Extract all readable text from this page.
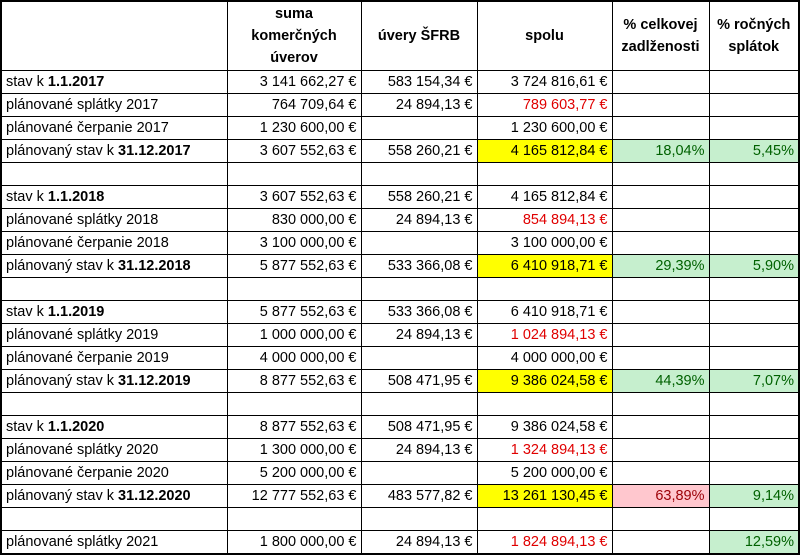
	suma komerčných úverov	úvery ŠFRB	spolu	% celkovej zadlženosti	% ročných splátok
stav k 1.1.2017	3 141 662,27 €	583 154,34 €	3 724 816,61 €		
plánované splátky 2017	764 709,64 €	24 894,13 €	789 603,77 €		
plánované čerpanie 2017	1 230 600,00 €		1 230 600,00 €		
plánovaný stav k 31.12.2017	3 607 552,63 €	558 260,21 €	4 165 812,84 €	18,04%	5,45%

stav k 1.1.2018	3 607 552,63 €	558 260,21 €	4 165 812,84 €		
plánované splátky 2018	830 000,00 €	24 894,13 €	854 894,13 €		
plánované čerpanie 2018	3 100 000,00 €		3 100 000,00 €		
plánovaný stav k 31.12.2018	5 877 552,63 €	533 366,08 €	6 410 918,71 €	29,39%	5,90%

stav k 1.1.2019	5 877 552,63 €	533 366,08 €	6 410 918,71 €		
plánované splátky 2019	1 000 000,00 €	24 894,13 €	1 024 894,13 €		
plánované čerpanie 2019	4 000 000,00 €		4 000 000,00 €		
plánovaný stav k 31.12.2019	8 877 552,63 €	508 471,95 €	9 386 024,58 €	44,39%	7,07%

stav k 1.1.2020	8 877 552,63 €	508 471,95 €	9 386 024,58 €		
plánované splátky 2020	1 300 000,00 €	24 894,13 €	1 324 894,13 €		
plánované čerpanie 2020	5 200 000,00 €		5 200 000,00 €		
plánovaný stav k 31.12.2020	12 777 552,63 €	483 577,82 €	13 261 130,45 €	63,89%	9,14%

plánované splátky 2021	1 800 000,00 €	24 894,13 €	1 824 894,13 €		12,59%
